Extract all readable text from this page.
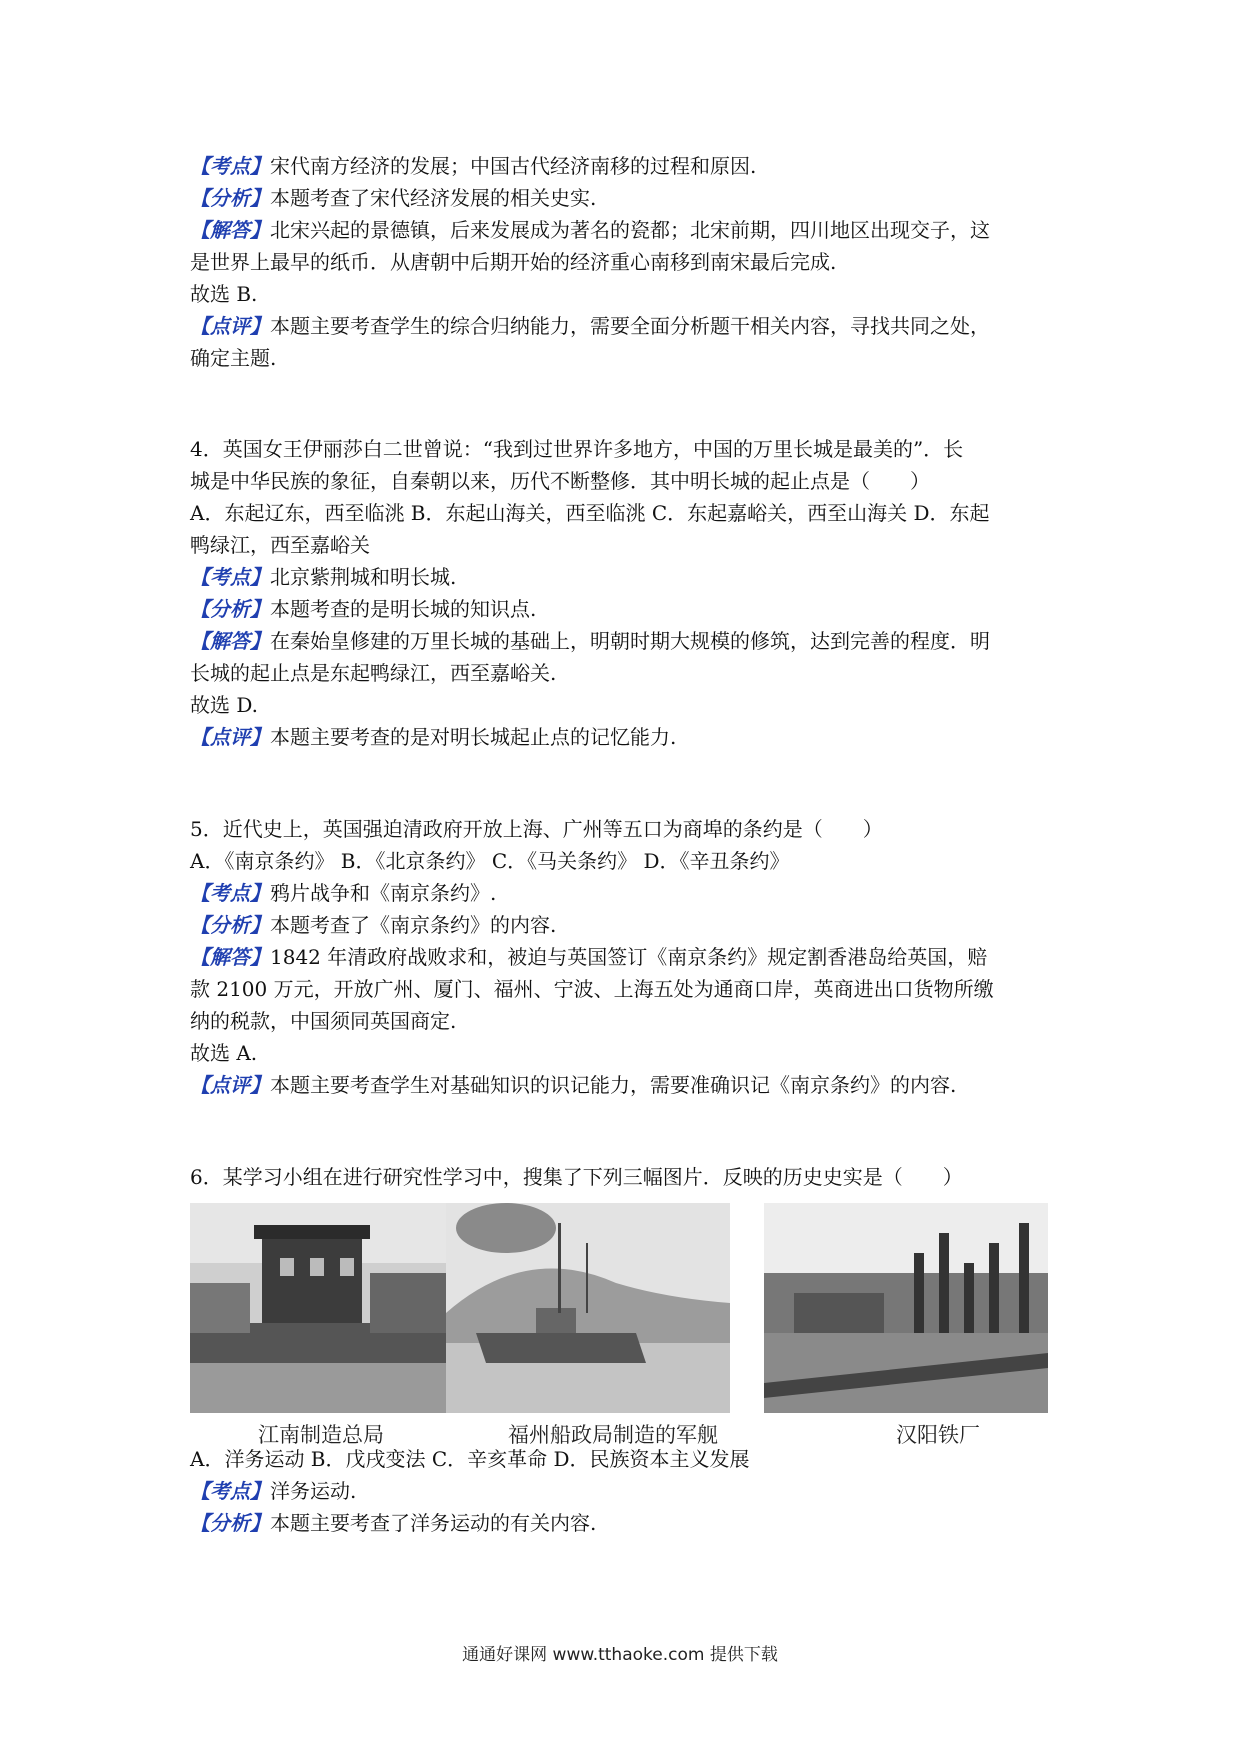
【考点】宋代南方经济的发展；中国古代经济南移的过程和原因.

【分析】本题考查了宋代经济发展的相关史实.

【解答】北宋兴起的景德镇，后来发展成为著名的瓷都；北宋前期，四川地区出现交子，这

是世界上最早的纸币．从唐朝中后期开始的经济重心南移到南宋最后完成.

故选 B.

【点评】本题主要考查学生的综合归纳能力，需要全面分析题干相关内容，寻找共同之处，

确定主题.

4．英国女王伊丽莎白二世曾说：“我到过世界许多地方，中国的万里长城是最美的”．长

城是中华民族的象征，自秦朝以来，历代不断整修．其中明长城的起止点是（　　）

A．东起辽东，西至临洮 B．东起山海关，西至临洮 C．东起嘉峪关，西至山海关 D．东起

鸭绿江，西至嘉峪关

【考点】北京紫荆城和明长城.

【分析】本题考查的是明长城的知识点.

【解答】在秦始皇修建的万里长城的基础上，明朝时期大规模的修筑，达到完善的程度．明

长城的起止点是东起鸭绿江，西至嘉峪关.

故选 D.

【点评】本题主要考查的是对明长城起止点的记忆能力.

5．近代史上，英国强迫清政府开放上海、广州等五口为商埠的条约是（　　）

A．《南京条约》 B．《北京条约》 C．《马关条约》 D．《辛丑条约》

【考点】鸦片战争和《南京条约》.

【分析】本题考查了《南京条约》的内容.

【解答】1842 年清政府战败求和，被迫与英国签订《南京条约》规定割香港岛给英国，赔

款 2100 万元，开放广州、厦门、福州、宁波、上海五处为通商口岸，英商进出口货物所缴

纳的税款，中国须同英国商定.

故选 A.

【点评】本题主要考查学生对基础知识的识记能力，需要准确识记《南京条约》的内容.

6．某学习小组在进行研究性学习中，搜集了下列三幅图片．反映的历史史实是（　　）

江南制造总局	福州船政局制造的军舰	汉阳铁厂

A．洋务运动 B．戊戌变法 C．辛亥革命 D．民族资本主义发展

【考点】洋务运动.

【分析】本题主要考查了洋务运动的有关内容.

通通好课网 www.tthaoke.com 提供下载
